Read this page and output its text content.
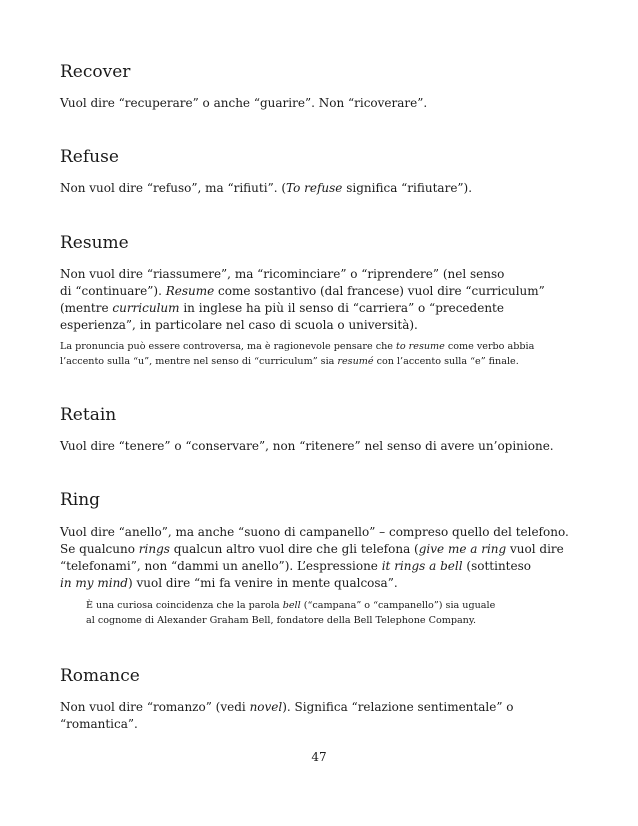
Recover

Vuol dire “recuperare” o anche “guarire”. Non “ricoverare”.

Refuse

Non vuol dire “refuso”, ma “rifiuti”. (To refuse significa “rifiutare”).

Resume

Non vuol dire “riassumere”, ma “ricominciare” o “riprendere” (nel senso

di “continuare”). Resume come sostantivo (dal francese) vuol dire “curriculum”

(mentre curriculum in inglese ha più il senso di “carriera” o “precedente

esperienza”, in particolare nel caso di scuola o università).

La pronuncia può essere controversa, ma è ragionevole pensare che to resume come verbo abbia

l’accento sulla “u”, mentre nel senso di “curriculum” sia resumé con l’accento sulla “e” finale.

Retain

Vuol dire “tenere” o “conservare”, non “ritenere” nel senso di avere un’opinione.

Ring

Vuol dire “anello”, ma anche “suono di campanello” – compreso quello del telefono.

Se qualcuno rings qualcun altro vuol dire che gli telefona (give me a ring vuol dire

“telefonami”, non “dammi un anello”). L’espressione it rings a bell (sottinteso

in my mind) vuol dire “mi fa venire in mente qualcosa”.

È una curiosa coincidenza che la parola bell (“campana” o “campanello”) sia uguale

al cognome di Alexander Graham Bell, fondatore della Bell Telephone Company.

Romance

Non vuol dire “romanzo” (vedi novel). Significa “relazione sentimentale” o “romantica”.

47
